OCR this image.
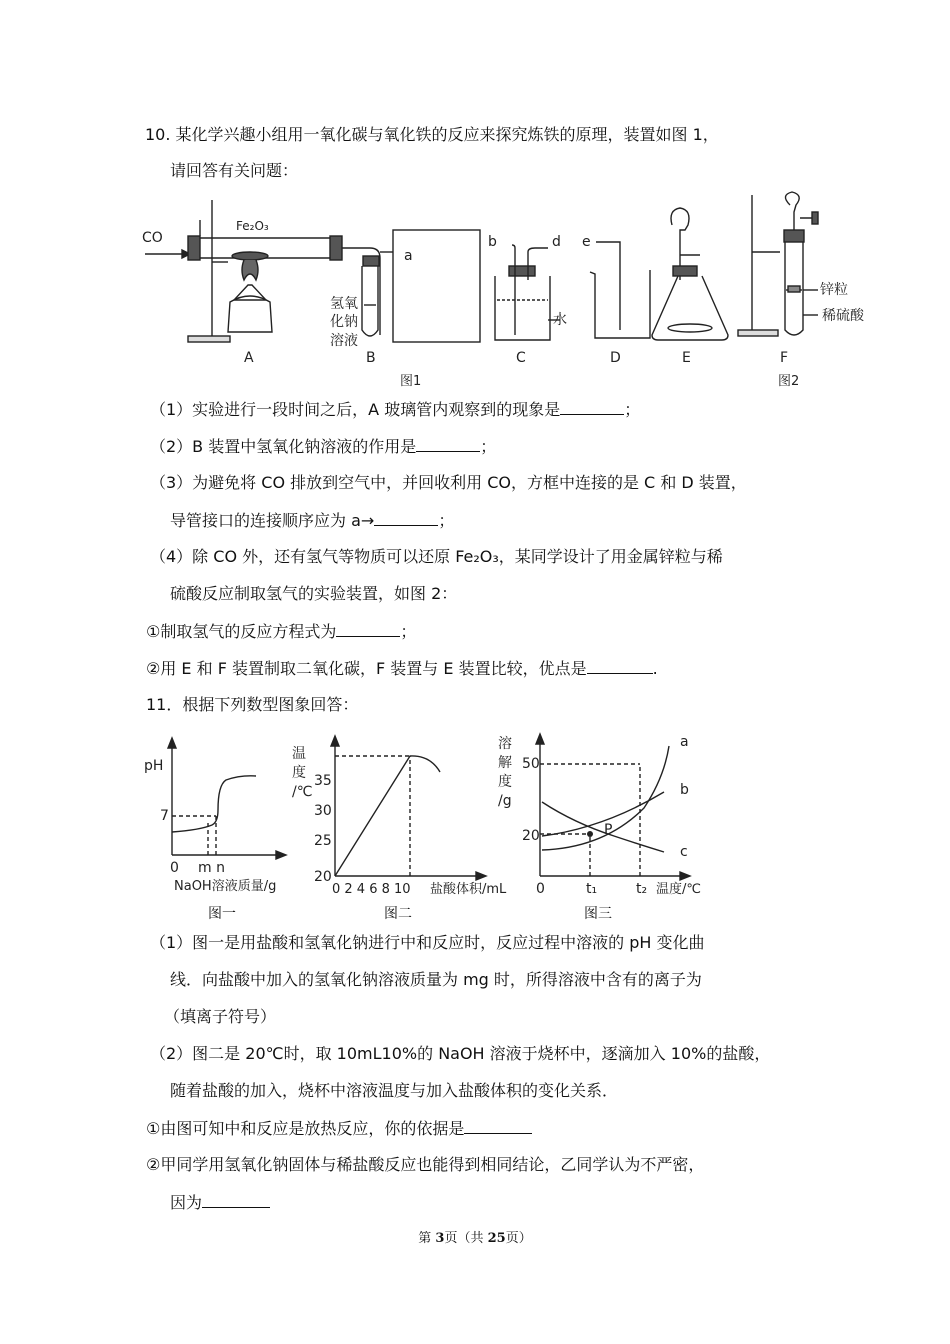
10. 某化学兴趣小组用一氧化碳与氧化铁的反应来探究炼铁的原理，装置如图 1，
请回答有关问题：
CO
Fe₂O₃
氢氧
化钠
溶液
a
b	d e
水
锌粒
稀硫酸
A	B	C	D	E	F
图1	图2
（1）实验进行一段时间之后，A 玻璃管内观察到的现象是	；
（2）B 装置中氢氧化钠溶液的作用是	；
（3）为避免将 CO 排放到空气中，并回收利用 CO，方框中连接的是 C 和 D 装置，
导管接口的连接顺序应为 a→	；
（4）除 CO 外，还有氢气等物质可以还原 Fe₂O₃，某同学设计了用金属锌粒与稀
硫酸反应制取氢气的实验装置，如图 2：
①制取氢气的反应方程式为	；
②用 E 和 F 装置制取二氧化碳，F 装置与 E 装置比较，优点是	.
11．根据下列数型图象回答：
pH
7
0 m n
NaOH溶液质量/g
图一
温
度
/℃
35
30
25
20
0 2 4 6 8 10 盐酸体积/mL
图二
溶
解
度
/g
50
20
0	t₁	t₂ 温度/℃
a
b
c
P
图三
（1）图一是用盐酸和氢氧化钠进行中和反应时，反应过程中溶液的 pH 变化曲
线．向盐酸中加入的氢氧化钠溶液质量为 mg 时，所得溶液中含有的离子为
（填离子符号）
（2）图二是 20℃时，取 10mL10%的 NaOH 溶液于烧杯中，逐滴加入 10%的盐酸，
随着盐酸的加入，烧杯中溶液温度与加入盐酸体积的变化关系．
①由图可知中和反应是放热反应，你的依据是
②甲同学用氢氧化钠固体与稀盐酸反应也能得到相同结论，乙同学认为不严密，
因为
第 3页（共 25页）
